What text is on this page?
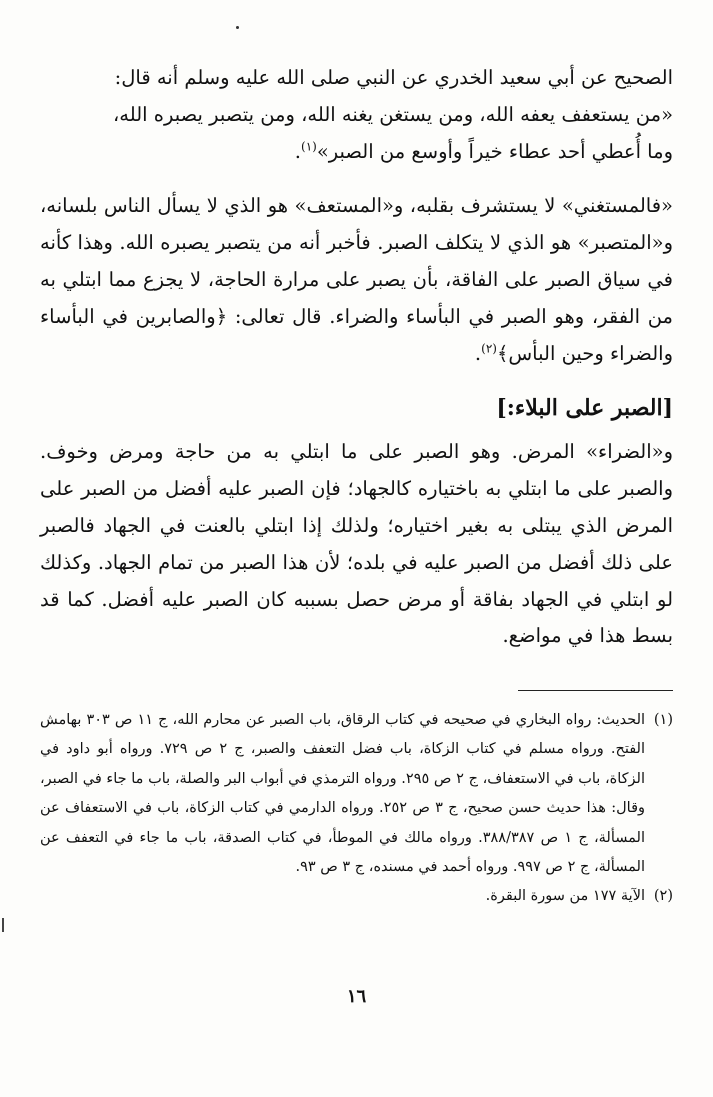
الصحيح عن أبي سعيد الخدري عن النبي صلى الله عليه وسلم أنه قال:
«من يستعفف يعفه الله، ومن يستغن يغنه الله، ومن يتصبر يصبره الله،
وما أُعطي أحد عطاء خيراً وأوسع من الصبر»$^{(١)}$.

«فالمستغني» لا يستشرف بقلبه، و«المستعف» هو الذي لا يسأل الناس بلسانه، و«المتصبر» هو الذي لا يتكلف الصبر. فأخبر أنه من يتصبر يصبره الله. وهذا كأنه في سياق الصبر على الفاقة، بأن يصبر على مرارة الحاجة، لا يجزع مما ابتلي به من الفقر، وهو الصبر في البأساء والضراء. قال تعالى: ﴿والصابرين في البأساء والضراء وحين البأس﴾$^{(٢)}$.

[الصبر على البلاء:]

و«الضراء» المرض. وهو الصبر على ما ابتلي به من حاجة ومرض وخوف. والصبر على ما ابتلي به باختياره كالجهاد؛ فإن الصبر عليه أفضل من الصبر على المرض الذي يبتلى به بغير اختياره؛ ولذلك إذا ابتلي بالعنت في الجهاد فالصبر على ذلك أفضل من الصبر عليه في بلده؛ لأن هذا الصبر من تمام الجهاد. وكذلك لو ابتلي في الجهاد بفاقة أو مرض حصل بسببه كان الصبر عليه أفضل. كما قد بسط هذا في مواضع.

(١)
الحديث: رواه البخاري في صحيحه في كتاب الرقاق، باب الصبر عن محارم الله، ج ١١ ص ٣٠٣ بهامش الفتح. ورواه مسلم في كتاب الزكاة، باب فضل التعفف والصبر، ج ٢ ص ٧٢٩. ورواه أبو داود في الزكاة، باب في الاستعفاف، ج ٢ ص ٢٩٥. ورواه الترمذي في أبواب البر والصلة، باب ما جاء في الصبر، وقال: هذا حديث حسن صحيح، ج ٣ ص ٢٥٢. ورواه الدارمي في كتاب الزكاة، باب في الاستعفاف عن المسألة، ج ١ ص ٣٨٨/٣٨٧. ورواه مالك في الموطأ، في كتاب الصدقة، باب ما جاء في التعفف عن المسألة، ج ٢ ص ٩٩٧. ورواه أحمد في مسنده، ج ٣ ص ٩٣.
(٢)
الآية ١٧٧ من سورة البقرة.
١٦
